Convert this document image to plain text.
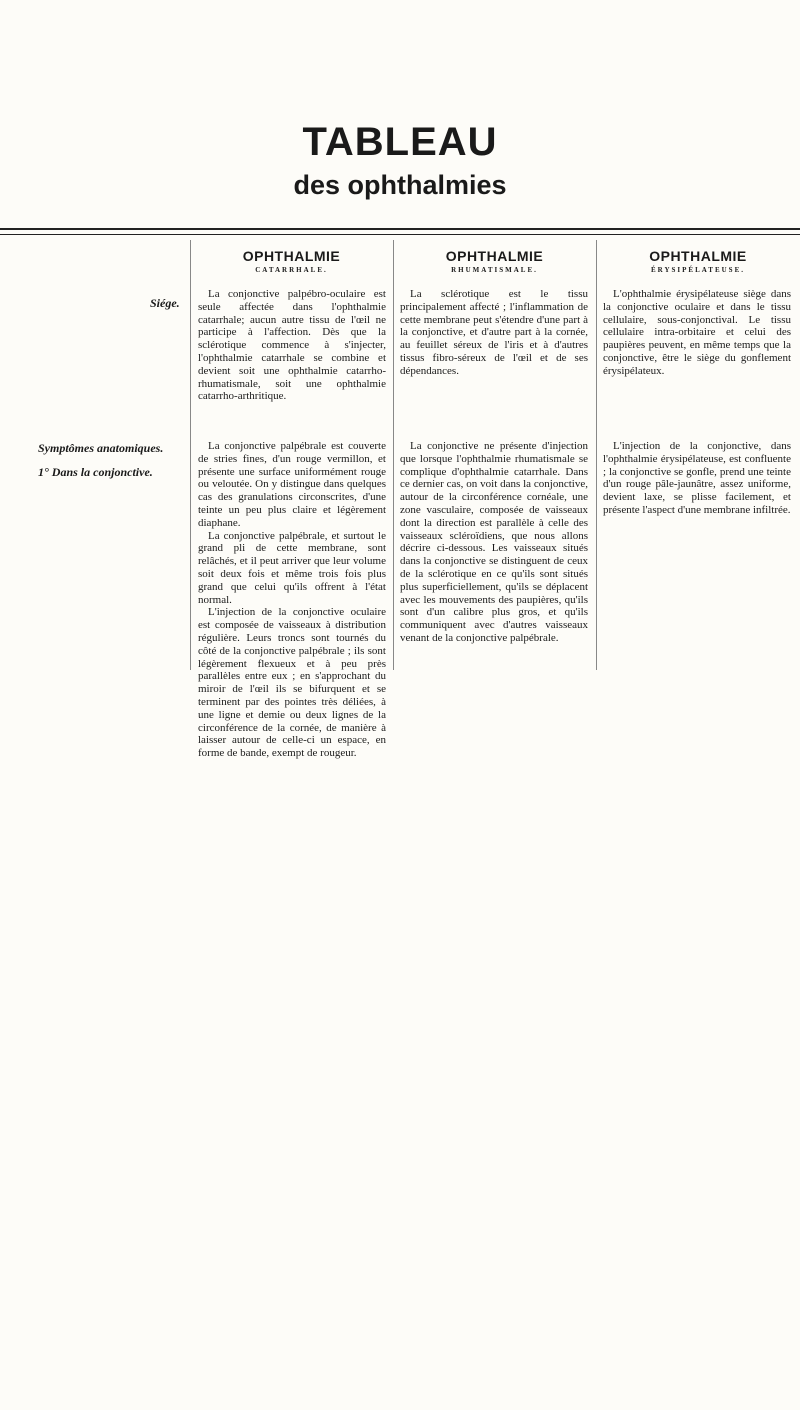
TABLEAU
des ophthalmies
OPHTHALMIE
CATARRHALE.
OPHTHALMIE
RHUMATISMALE.
OPHTHALMIE
ÉRYSIPÉLATEUSE.
Siége.

La conjonctive palpébro-oculaire est seule affectée dans l'ophthalmie catarrhale; aucun autre tissu de l'œil ne participe à l'affection. Dès que la sclérotique commence à s'injecter, l'ophthalmie catarrhale se combine et devient soit une ophthalmie catarrho-rhumatismale, soit une ophthalmie catarrho-arthritique.

La sclérotique est le tissu principalement affecté ; l'inflammation de cette membrane peut s'étendre d'une part à la conjonctive, et d'autre part à la cornée, au feuillet séreux de l'iris et à d'autres tissus fibro-séreux de l'œil et de ses dépendances.

L'ophthalmie érysipélateuse siège dans la conjonctive oculaire et dans le tissu cellulaire, sous-conjonctival. Le tissu cellulaire intra-orbitaire et celui des paupières peuvent, en même temps que la conjonctive, être le siège du gonflement érysipélateux.

Symptômes anatomiques.
1° Dans la conjonctive.

La conjonctive palpébrale est couverte de stries fines, d'un rouge vermillon, et présente une surface uniformément rouge ou veloutée. On y distingue dans quelques cas des granulations circonscrites, d'une teinte un peu plus claire et légèrement diaphane.

La conjonctive palpébrale, et surtout le grand pli de cette membrane, sont relâchés, et il peut arriver que leur volume soit deux fois et même trois fois plus grand que celui qu'ils offrent à l'état normal.

L'injection de la conjonctive oculaire est composée de vaisseaux à distribution régulière. Leurs troncs sont tournés du côté de la conjonctive palpébrale ; ils sont légèrement flexueux et à peu près parallèles entre eux ; en s'approchant du miroir de l'œil ils se bifurquent et se terminent par des pointes très déliées, à une ligne et demie ou deux lignes de la circonférence de la cornée, de manière à laisser autour de celle-ci un espace, en forme de bande, exempt de rougeur.

La conjonctive ne présente d'injection que lorsque l'ophthalmie rhumatismale se complique d'ophthalmie catarrhale. Dans ce dernier cas, on voit dans la conjonctive, autour de la circonférence cornéale, une zone vasculaire, composée de vaisseaux dont la direction est parallèle à celle des vaisseaux scléroïdiens, que nous allons décrire ci-dessous. Les vaisseaux situés dans la conjonctive se distinguent de ceux de la sclérotique en ce qu'ils sont situés plus superficiellement, qu'ils se déplacent avec les mouvements des paupières, qu'ils sont d'un calibre plus gros, et qu'ils communiquent avec d'autres vaisseaux venant de la conjonctive palpébrale.

L'injection de la conjonctive, dans l'ophthalmie érysipélateuse, est confluente ; la conjonctive se gonfle, prend une teinte d'un rouge pâle-jaunâtre, assez uniforme, devient laxe, se plisse facilement, et présente l'aspect d'une membrane infiltrée.
